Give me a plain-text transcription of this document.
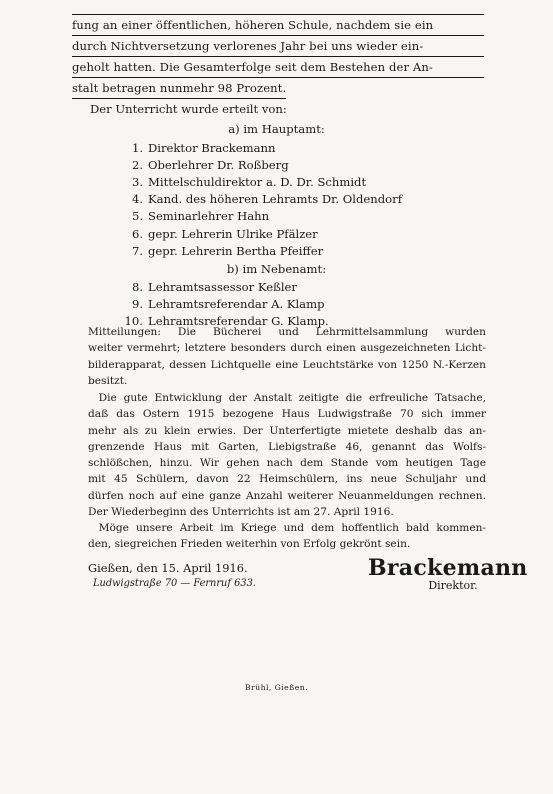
fung an einer öffentlichen, höheren Schule, nachdem sie ein
durch Nichtversetzung verlorenes Jahr bei uns wieder ein-
geholt hatten. Die Gesamterfolge seit dem Bestehen der An-
stalt betragen nunmehr 98 Prozent.
Der Unterricht wurde erteilt von:
a) im Hauptamt:
1. Direktor Brackemann
2. Oberlehrer Dr. Roßberg
3. Mittelschuldirektor a. D. Dr. Schmidt
4. Kand. des höheren Lehramts Dr. Oldendorf
5. Seminarlehrer Hahn
6. gepr. Lehrerin Ulrike Pfälzer
7. gepr. Lehrerin Bertha Pfeiffer
b) im Nebenamt:
8. Lehramtsassessor Keßler
9. Lehramtsreferendar A. Klamp
10. Lehramtsreferendar G. Klamp.
Mitteilungen: Die Bücherei und Lehrmittelsammlung wurden
weiter vermehrt; letztere besonders durch einen ausgezeichneten Licht-
bilderapparat, dessen Lichtquelle eine Leuchtstärke von 1250 N.-Kerzen
besitzt.
Die gute Entwicklung der Anstalt zeitigte die erfreuliche Tatsache,
daß das Ostern 1915 bezogene Haus Ludwigstraße 70 sich immer
mehr als zu klein erwies. Der Unterfertigte mietete deshalb das an-
grenzende Haus mit Garten, Liebigstraße 46, genannt das Wolfs-
schlößchen, hinzu. Wir gehen nach dem Stande vom heutigen Tage
mit 45 Schülern, davon 22 Heimschülern, ins neue Schuljahr und
dürfen noch auf eine ganze Anzahl weiterer Neuanmeldungen rechnen.
Der Wiederbeginn des Unterrichts ist am 27. April 1916.
Möge unsere Arbeit im Kriege und dem hoffentlich bald kommen-
den, siegreichen Frieden weiterhin von Erfolg gekrönt sein.
Gießen, den 15. April 1916.
Ludwigstraße 70 — Fernruf 633.
Brackemann
Direktor.
Brühl, Gießen.
